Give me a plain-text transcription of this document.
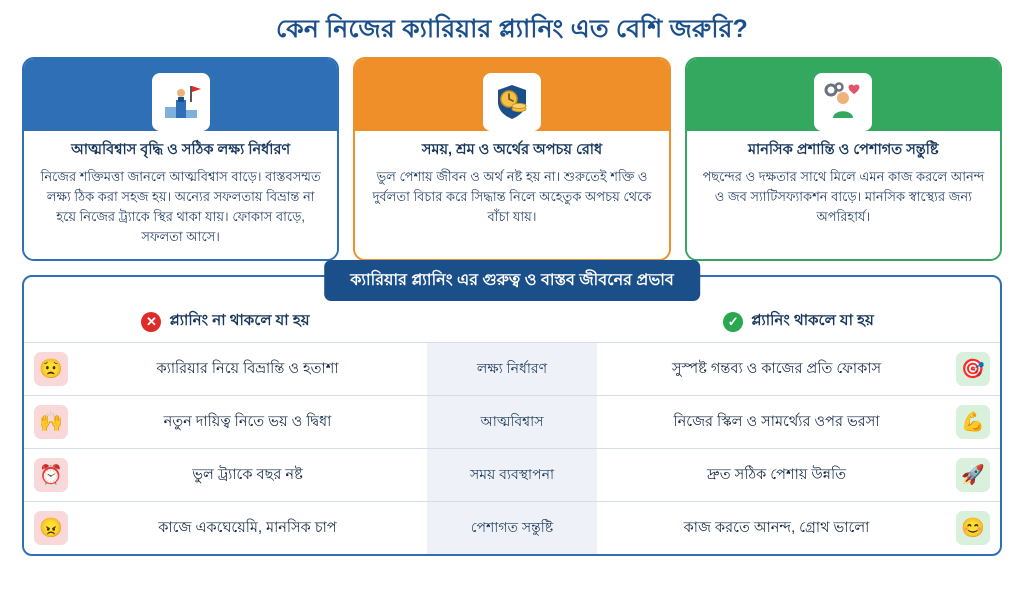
কেন নিজের ক্যারিয়ার প্ল্যানিং এত বেশি জরুরি?
আত্মবিশ্বাস বৃদ্ধি ও সঠিক লক্ষ্য নির্ধারণ
নিজের শক্তিমত্তা জানলে আত্মবিশ্বাস বাড়ে। বাস্তবসম্মত লক্ষ্য ঠিক করা সহজ হয়। অন্যের সফলতায় বিভ্রান্ত না হয়ে নিজের ট্র্যাকে স্থির থাকা যায়। ফোকাস বাড়ে, সফলতা আসে।
সময়, শ্রম ও অর্থের অপচয় রোধ
ভুল পেশায় জীবন ও অর্থ নষ্ট হয় না। শুরুতেই শক্তি ও দুর্বলতা বিচার করে সিদ্ধান্ত নিলে অহেতুক অপচয় থেকে বাঁচা যায়।
মানসিক প্রশান্তি ও পেশাগত সন্তুষ্টি
পছন্দের ও দক্ষতার সাথে মিলে এমন কাজ করলে আনন্দ ও জব স্যাটিসফ্যাকশন বাড়ে। মানসিক স্বাস্থ্যের জন্য অপরিহার্য।
ক্যারিয়ার প্ল্যানিং এর গুরুত্ব ও বাস্তব জীবনের প্রভাব
✕ প্ল্যানিং না থাকলে যা হয়	✓ প্ল্যানিং থাকলে যা হয়
😟	ক্যারিয়ার নিয়ে বিভ্রান্তি ও হতাশা	লক্ষ্য নির্ধারণ	সুস্পষ্ট গন্তব্য ও কাজের প্রতি ফোকাস	🎯
🙌	নতুন দায়িত্ব নিতে ভয় ও দ্বিধা	আত্মবিশ্বাস	নিজের স্কিল ও সামর্থ্যের ওপর ভরসা	💪
⏰	ভুল ট্র্যাকে বছর নষ্ট	সময় ব্যবস্থাপনা	দ্রুত সঠিক পেশায় উন্নতি	🚀
😠	কাজে একঘেয়েমি, মানসিক চাপ	পেশাগত সন্তুষ্টি	কাজ করতে আনন্দ, গ্রোথ ভালো	😊
